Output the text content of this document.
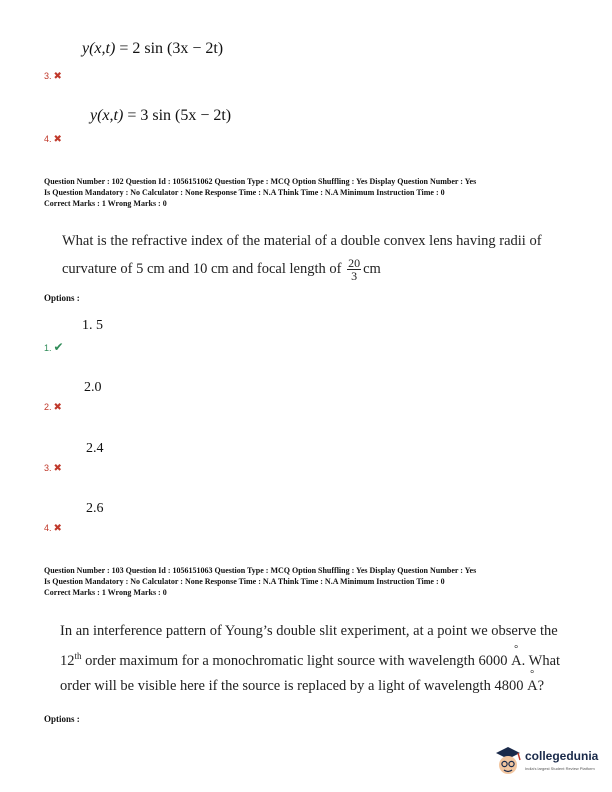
y(x,t) = 2 sin (3x − 2t)
3. ✖
y(x,t) = 3 sin (5x − 2t)
4. ✖
Question Number : 102 Question Id : 1056151062 Question Type : MCQ Option Shuffling : Yes Display Question Number : Yes
Is Question Mandatory : No Calculator : None Response Time : N.A Think Time : N.A Minimum Instruction Time : 0
Correct Marks : 1 Wrong Marks : 0
What is the refractive index of the material of a double convex lens having radii of
curvature of 5 cm and 10 cm and focal length of $\frac{20}{3}$ cm
Options :
1. 5
1. ✔
2.0
2. ✖
2.4
3. ✖
2.6
4. ✖
Question Number : 103 Question Id : 1056151063 Question Type : MCQ Option Shuffling : Yes Display Question Number : Yes
Is Question Mandatory : No Calculator : None Response Time : N.A Think Time : N.A Minimum Instruction Time : 0
Correct Marks : 1 Wrong Marks : 0
In an interference pattern of Young’s double slit experiment, at a point we observe the
12th order maximum for a monochromatic light source with wavelength 6000 ° A. What
order will be visible here if the source is replaced by a light of wavelength 4800 ° A?
Options :
collegedunia
India's largest Student Review Platform
